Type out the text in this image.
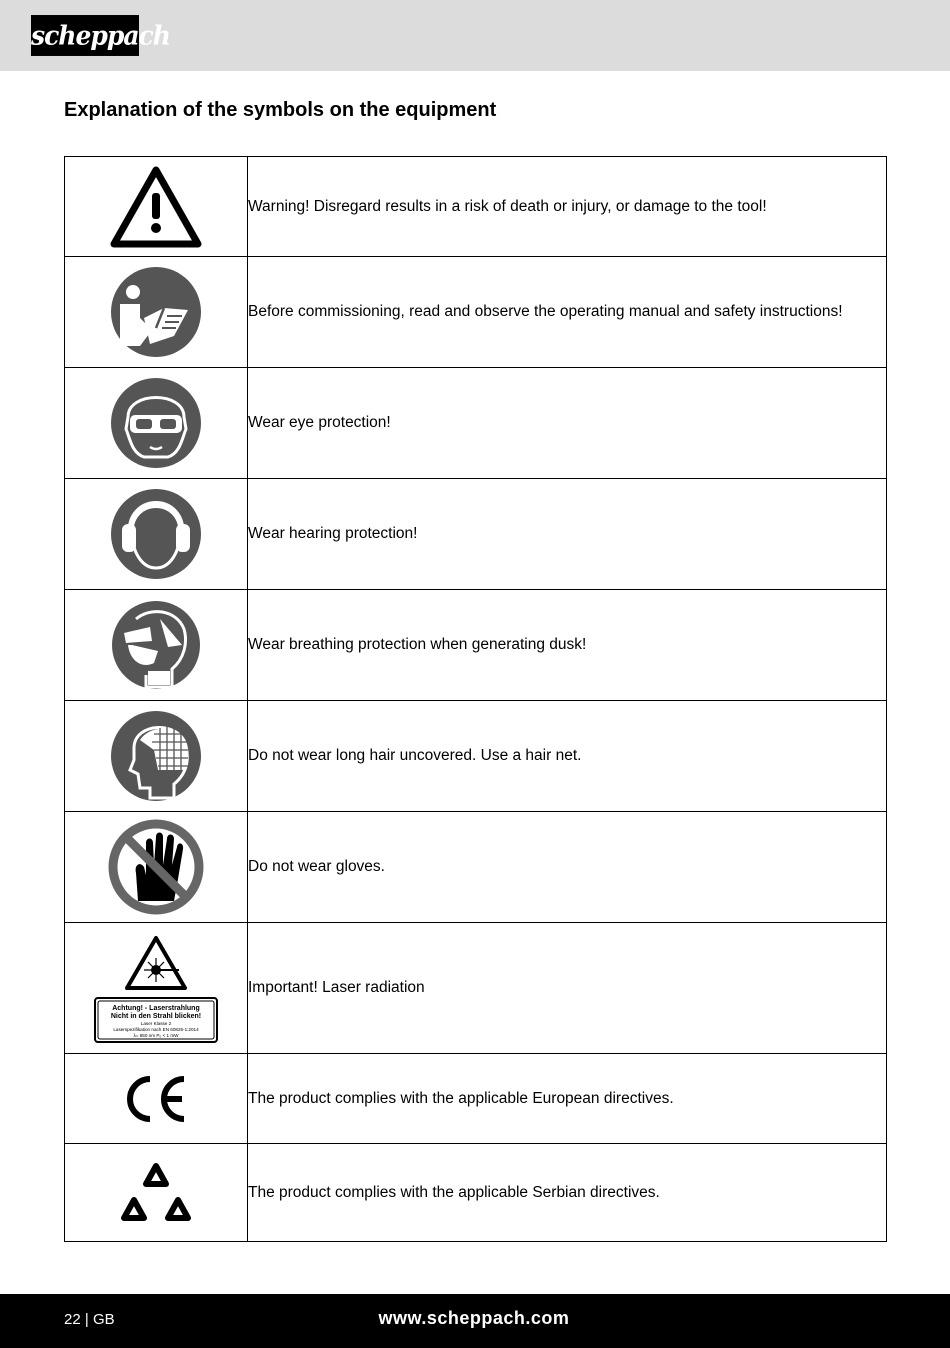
scheppach
Explanation of the symbols on the equipment
	Warning! Disregard results in a risk of death or injury, or damage to the tool!

	Before commissioning, read and observe the operating manual and safety instructions!

	Wear eye protection!

	Wear hearing protection!

	Wear breathing protection when generating dusk!

	Do not wear long hair uncovered. Use a hair net.

	Do not wear gloves.

Achtung! - Laserstrahlung
Nicht in den Strahl blicken!
Laser Klasse 2
Laserspezifikation nach EN 60825-1:2014
λ= 650 nm P₀ < 1 mW	Important! Laser radiation

	The product complies with the applicable European directives.

	The product complies with the applicable Serbian directives.
22 | GB	www.scheppach.com
